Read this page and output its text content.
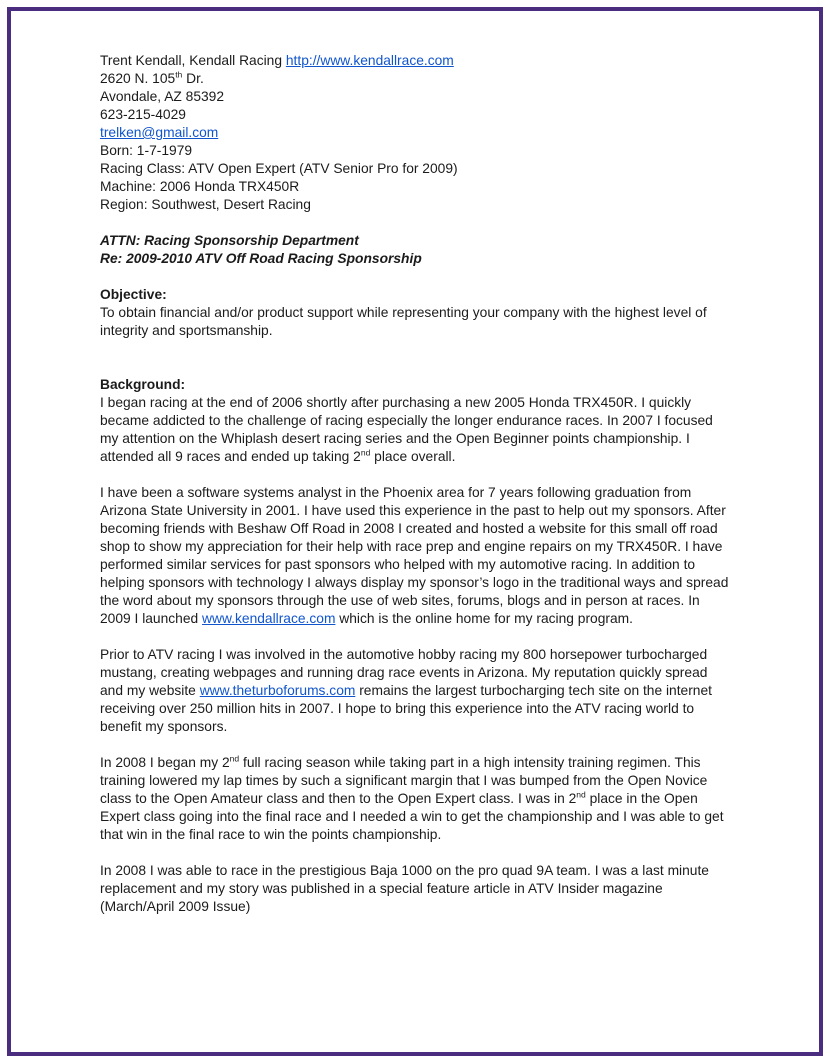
Trent Kendall, Kendall Racing http://www.kendallrace.com

2620 N. 105th Dr.

Avondale, AZ 85392

623-215-4029

trelken@gmail.com

Born: 1-7-1979

Racing Class: ATV Open Expert (ATV Senior Pro for 2009)

Machine: 2006 Honda TRX450R

Region: Southwest, Desert Racing

ATTN: Racing Sponsorship Department

Re: 2009-2010 ATV Off Road Racing Sponsorship

Objective:

To obtain financial and/or product support while representing your company with the highest level of integrity and sportsmanship.

Background:

I began racing at the end of 2006 shortly after purchasing a new 2005 Honda TRX450R. I quickly became addicted to the challenge of racing especially the longer endurance races. In 2007 I focused my attention on the Whiplash desert racing series and the Open Beginner points championship. I attended all 9 races and ended up taking 2nd place overall.

I have been a software systems analyst in the Phoenix area for 7 years following graduation from Arizona State University in 2001. I have used this experience in the past to help out my sponsors. After becoming friends with Beshaw Off Road in 2008 I created and hosted a website for this small off road shop to show my appreciation for their help with race prep and engine repairs on my TRX450R. I have performed similar services for past sponsors who helped with my automotive racing. In addition to helping sponsors with technology I always display my sponsor’s logo in the traditional ways and spread the word about my sponsors through the use of web sites, forums, blogs and in person at races. In 2009 I launched www.kendallrace.com which is the online home for my racing program.

Prior to ATV racing I was involved in the automotive hobby racing my 800 horsepower turbocharged mustang, creating webpages and running drag race events in Arizona. My reputation quickly spread and my website www.theturboforums.com remains the largest turbocharging tech site on the internet receiving over 250 million hits in 2007. I hope to bring this experience into the ATV racing world to benefit my sponsors.

In 2008 I began my 2nd full racing season while taking part in a high intensity training regimen. This training lowered my lap times by such a significant margin that I was bumped from the Open Novice class to the Open Amateur class and then to the Open Expert class. I was in 2nd place in the Open Expert class going into the final race and I needed a win to get the championship and I was able to get that win in the final race to win the points championship.

In 2008 I was able to race in the prestigious Baja 1000 on the pro quad 9A team. I was a last minute replacement and my story was published in a special feature article in ATV Insider magazine (March/April 2009 Issue)
